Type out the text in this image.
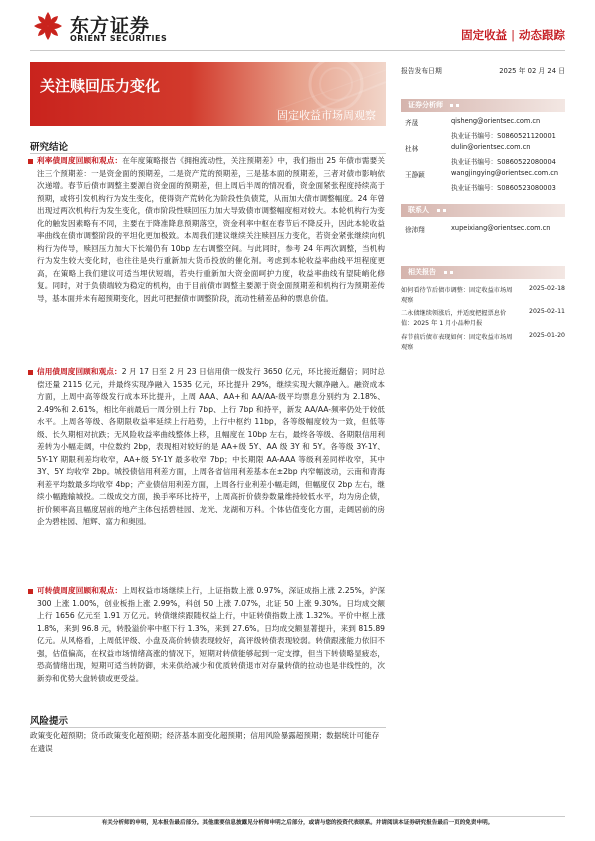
东方证券
ORIENT SECURITIES	固定收益 | 动态跟踪
关注赎回压力变化
固定收益市场周观察
报告发布日期	2025 年 02 月 24 日
证券分析师
齐晟	qisheng@orientsec.com.cn
执业证书编号：S0860521120001
杜林	dulin@orientsec.com.cn
执业证书编号：S0860522080004
王静颖	wangjingying@orientsec.com.cn
执业证书编号：S0860523080003
联系人
徐沛翔	xupeixiang@orientsec.com.cn
相关报告
如何看待节后债市调整：固定收益市场周	2025-02-18
观察
二永债继续领涨后，并适度把握票息价	2025-02-11
值：2025 年 1 月小品种月报
春节前后债市表现如何：固定收益市场周	2025-01-20
观察
研究结论
利率债周度回顾和观点：在年度策略报告《拥抱流动性，关注预期差》中，我们指出 25 年债市需要关注三个预期差：一是资金面的预期差，二是资产荒的预期差，三是基本面的预期差，三者对债市影响依次递增。春节后债市调整主要源自资金面的预期差，但上周后半周的情况看，资金面紧张程度持续高于预期，或将引发机构行为发生变化，使得资产荒转化为阶段性负债荒，从而加大债市调整幅度。24 年曾出现过两次机构行为发生变化，债市阶段性赎回压力加大导致债市调整幅度相对较大。本轮机构行为变化的触发因素略有不同，主要在于降准降息预期落空，资金利率中枢在春节后不降反升，因此本轮收益率曲线在债市调整阶段的平坦化更加极致。本周我们建议继续关注赎回压力变化，若资金紧张继续向机构行为传导，赎回压力加大下长端仍有 10bp 左右调整空间。与此同时，参考 24 年两次调整，当机构行为发生较大变化时，也往往是央行重新加大货币投放的催化剂。考虑到本轮收益率曲线平坦程度更高，在策略上我们建议可适当埋伏短端，若央行重新加大资金面呵护力度，收益率曲线有望陡峭化修复。同时，对于负债端较为稳定的机构，由于目前债市调整主要源于资金面预期差和机构行为预期差传导，基本面并未有超预期变化，因此可把握债市调整阶段，流动性稍差品种的票息价值。
信用债周度回顾和观点：2 月 17 日至 2 月 23 日信用债一级发行 3650 亿元，环比接近翻倍；同时总偿还量 2115 亿元，并最终实现净融入 1535 亿元，环比提升 29%，继续实现大额净融入。融资成本方面，上周中高等级发行成本环比提升，上周 AAA、AA+和 AA/AA-级平均票息分别约为 2.18%、2.49%和 2.61%，相比年前最后一周分别上行 7bp、上行 7bp 和持平，新发 AA/AA-频率仍处于较低水平。上周各等级、各期限收益率延续上行趋势，上行中枢约 11bp，各等级幅度较为一致，但低等级、长久期相对抗跌；无风险收益率曲线整体上移，且幅度在 10bp 左右，最终各等级、各期限信用利差转为小幅走阔，中位数约 2bp，表现相对较好的是 AA+级 5Y、AA 级 3Y 和 5Y。各等级 3Y-1Y、5Y-1Y 期限利差均收窄，AA+级 5Y-1Y 最多收窄 7bp；中长期限 AA-AAA 等级利差同样收窄，其中 3Y、5Y 均收窄 2bp。城投债信用利差方面，上周各省信用利差基本在±2bp 内窄幅波动，云南和青海利差平均数最多均收窄 4bp；产业债信用利差方面，上周各行业利差小幅走阔，但幅度仅 2bp 左右，继续小幅跑输城投。二级成交方面，换手率环比持平，上周高折价债券数量维持较低水平，均为房企债，折价频率高且幅度居前的地产主体包括碧桂园、龙光、龙湖和万科。个体估值变化方面，走阔居前的房企为碧桂园、旭辉、富力和奥园。
可转债周度回顾和观点：上周权益市场继续上行，上证指数上涨 0.97%，深证成指上涨 2.25%，沪深 300 上涨 1.00%，创业板指上涨 2.99%，科创 50 上涨 7.07%，北证 50 上涨 9.30%。日均成交额上行 1656 亿元至 1.91 万亿元。转债继续跟随权益上行，中证转债指数上涨 1.32%。平价中枢上涨 1.8%，来到 96.8 元，转股溢价率中枢下行 1.3%，来到 27.6%。日均成交额显著提升，来到 815.89 亿元。从风格看，上周低评级、小盘及高价转债表现较好，高评级转债表现较弱。转债跟涨能力依旧不强，估值偏高，在权益市场情绪高涨的情况下，短期对转债能够起到一定支撑，但当下转债略显疲态，恐高情绪出现，短期可适当转防御，未来供给减少和优质转债退市对存量转债的拉动也是非线性的，次新券和优势大盘转债或更受益。
风险提示
政策变化超预期；货币政策变化超预期；经济基本面变化超预期；信用风险暴露超预期；数据统计可能存在遗误
有关分析师的申明，见本报告最后部分。其他重要信息披露见分析师申明之后部分，或请与您的投资代表联系。并请阅读本证券研究报告最后一页的免责申明。
